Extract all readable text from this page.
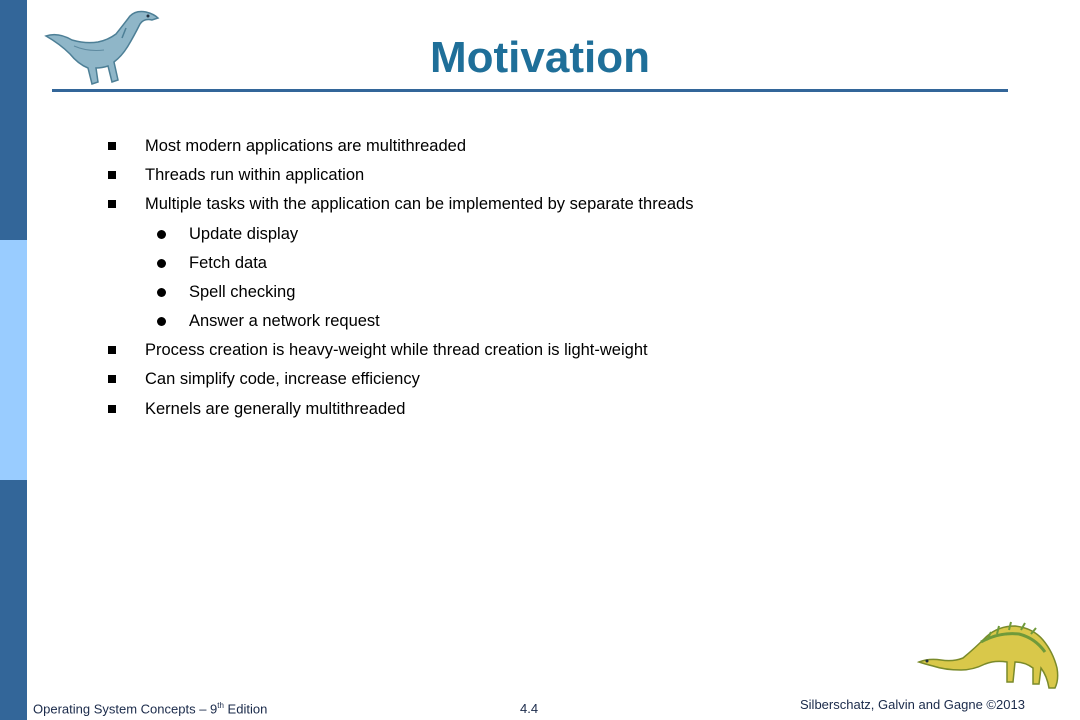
Motivation
Most modern applications are multithreaded
Threads run within application
Multiple tasks with the application can be implemented by separate threads
Update display
Fetch data
Spell checking
Answer a network request
Process creation is heavy-weight while thread creation is light-weight
Can simplify code, increase efficiency
Kernels are generally multithreaded
Operating System Concepts – 9th Edition	4.4	Silberschatz, Galvin and Gagne ©2013
